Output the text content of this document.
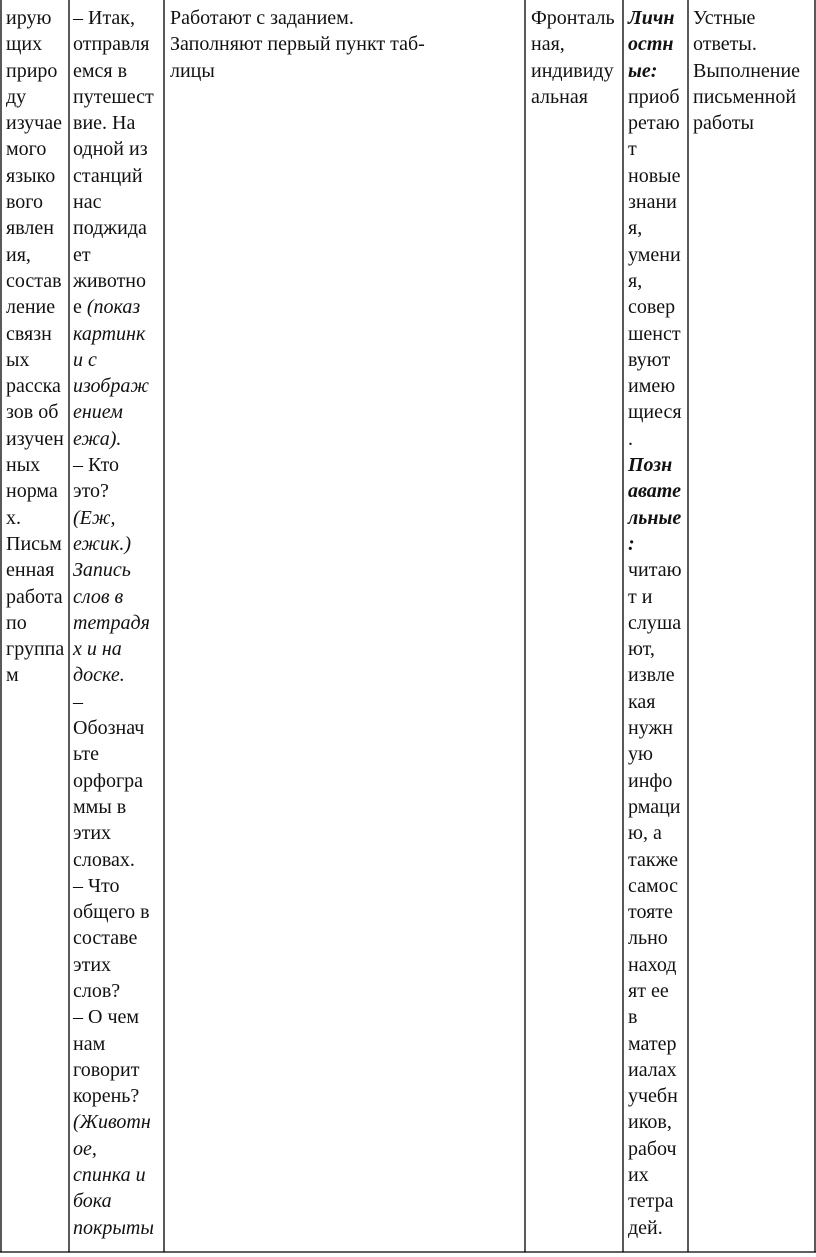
ирую
щих
приро
ду
изучае
мого
языко
вого
явлен
ия,
состав
ление
связн
ых
расска
зов об
изучен
ных
норма
х.
Письм
енная
работа
по
группа
м
– Итак,
отправля
емся в
путешест
вие. На
одной из
станций
нас
поджида
ет
животно
е (показ
картинк
и с
изображ
ением
ежа).
– Кто
это?
(Еж,
ежик.)
Запись
слов в
тетрадя
х и на
доске.
–
Обознач
ьте
орфогра
ммы в
этих
словах.
– Что
общего в
составе
этих
слов?
– О чем
нам
говорит
корень?
(Животн
ое,
спинка и
бока
покрыты
Работают с заданием.
Заполняют первый пункт таб-
лицы
Фронталь
ная,
индивиду
альная
Личн
остн
ые:
приоб
ретаю
т
новые
знани
я,
умени
я,
совер
шенст
вуют
имею
щиеся
.
Позн
авате
льные
:
читаю
т и
слуша
ют,
извле
кая
нужн
ую
инфо
рмаци
ю, а
также
самос
тояте
льно
наход
ят ее
в
матер
иалах
учебн
иков,
рабоч
их
тетра
дей.
Устные
ответы.
Выполнение
письменной
работы
